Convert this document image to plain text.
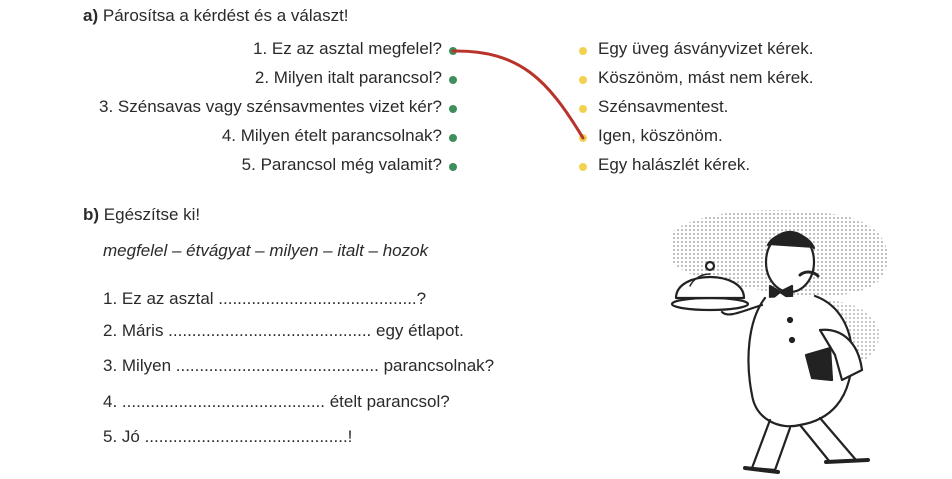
a) Párosítsa a kérdést és a választ!
1. Ez az asztal megfelel?
2. Milyen italt parancsol?
3. Szénsavas vagy szénsavmentes vizet kér?
4. Milyen ételt parancsolnak?
5. Parancsol még valamit?
Egy üveg ásványvizet kérek.
Köszönöm, mást nem kérek.
Szénsavmentest.
Igen, köszönöm.
Egy halászlét kérek.
b) Egészítse ki!
megfelel – étvágyat – milyen – italt – hozok
1. Ez az asztal ..........................................?
2. Máris ........................................... egy étlapot.
3. Milyen ........................................... parancsolnak?
4. ........................................... ételt parancsol?
5. Jó ...........................................!
